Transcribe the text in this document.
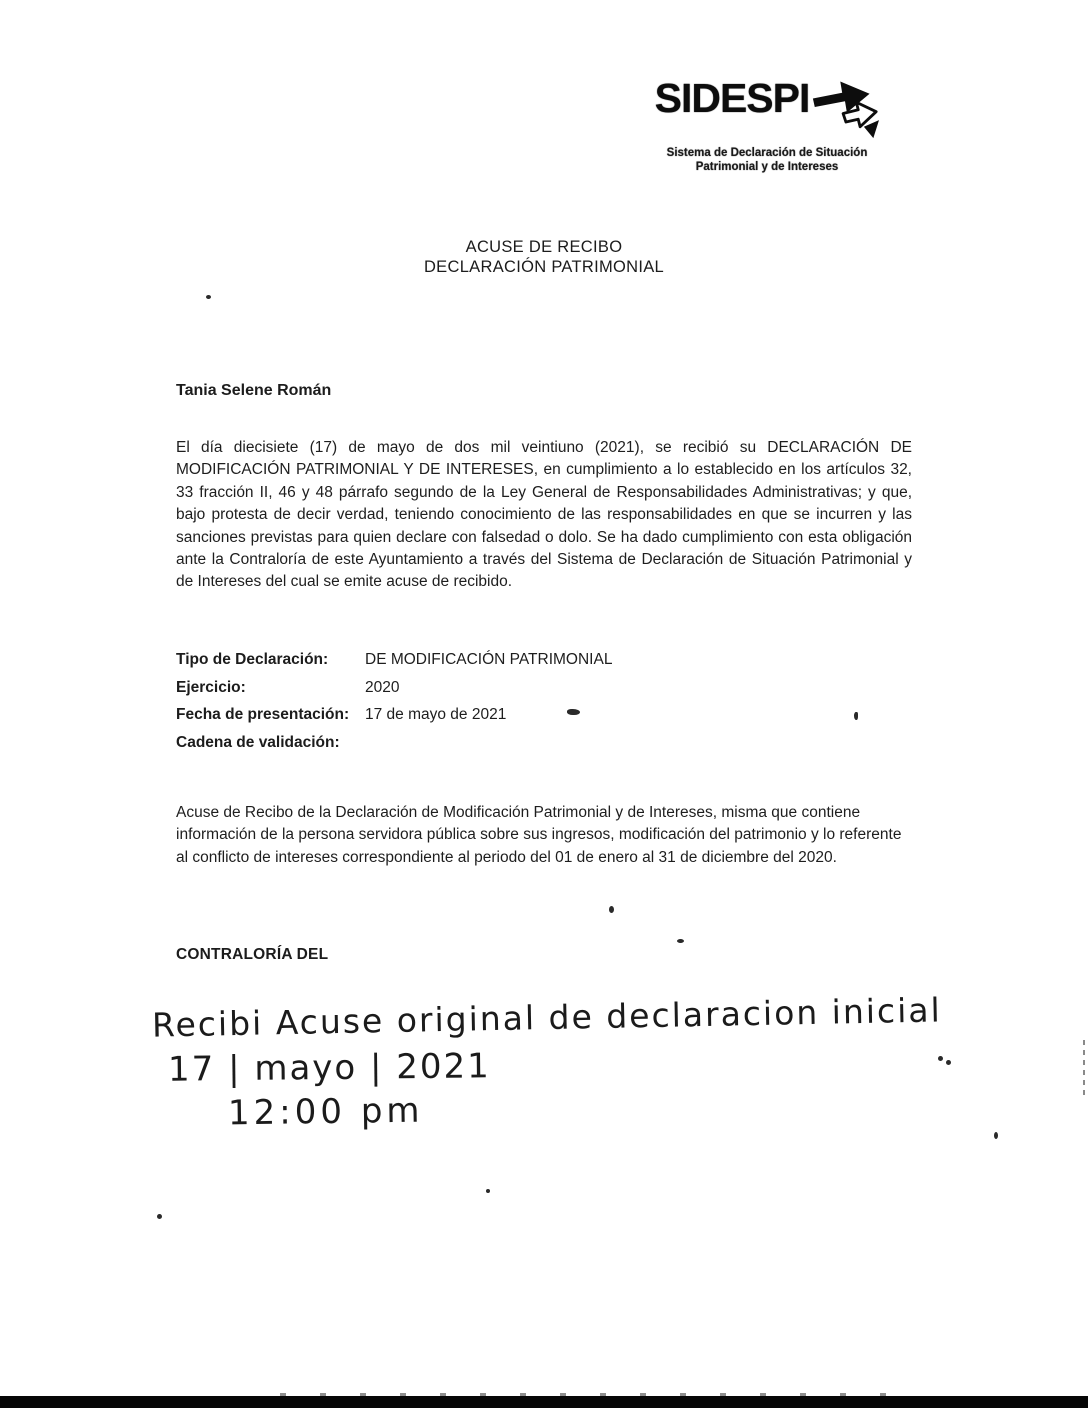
SIDESPI
Sistema de Declaración de Situación
Patrimonial y de Intereses
ACUSE DE RECIBO
DECLARACIÓN PATRIMONIAL
Tania Selene Román
El día diecisiete (17) de mayo de dos mil veintiuno (2021), se recibió su DECLARACIÓN DE MODIFICACIÓN PATRIMONIAL Y DE INTERESES, en cumplimiento a lo establecido en los artículos 32, 33 fracción II, 46 y 48 párrafo segundo de la Ley General de Responsabilidades Administrativas; y que, bajo protesta de decir verdad, teniendo conocimiento de las responsabilidades en que se incurren y las sanciones previstas para quien declare con falsedad o dolo. Se ha dado cumplimiento con esta obligación ante la Contraloría de este Ayuntamiento a través del Sistema de Declaración de Situación Patrimonial y de Intereses del cual se emite acuse de recibido.
Tipo de Declaración:	DE MODIFICACIÓN PATRIMONIAL
Ejercicio:	2020
Fecha de presentación:	17 de mayo de 2021
Cadena de validación:
Acuse de Recibo de la Declaración de Modificación Patrimonial y de Intereses, misma que contiene información de la persona servidora pública sobre sus ingresos, modificación del patrimonio y lo referente al conflicto de intereses correspondiente al periodo del 01 de enero al 31 de diciembre del 2020.
CONTRALORÍA DEL
Recibi Acuse original de declaracion inicial
17 | mayo | 2021
12:00 pm
